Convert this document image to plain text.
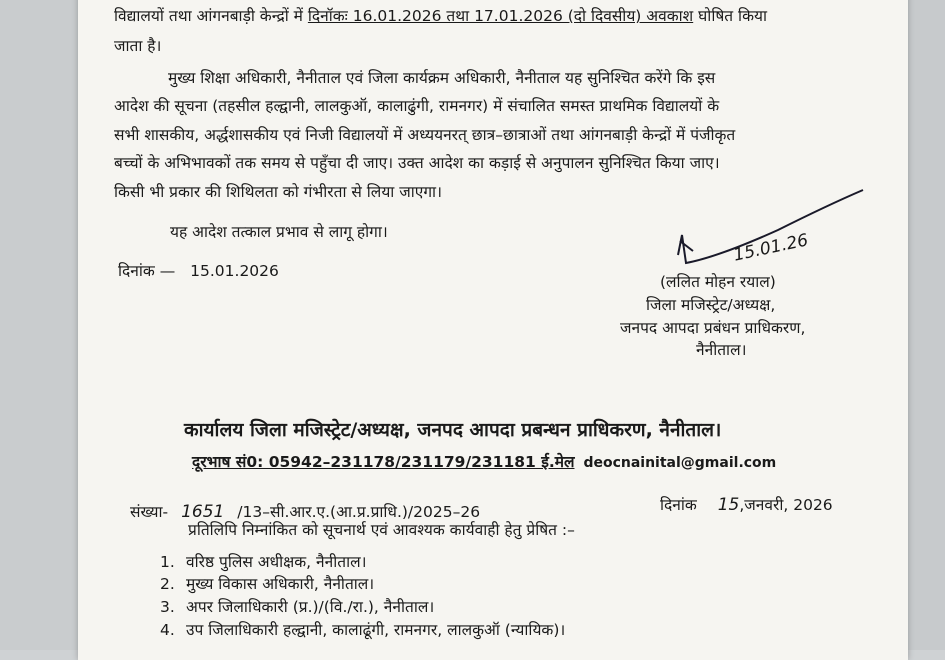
विद्यालयों तथा आंगनबाड़ी केन्द्रों में दिनॉकः 16.01.2026 तथा 17.01.2026 (दो दिवसीय) अवकाश घोषित किया
जाता है।
मुख्य शिक्षा अधिकारी, नैनीताल एवं जिला कार्यक्रम अधिकारी, नैनीताल यह सुनिश्चित करेंगे कि इस
आदेश की सूचना (तहसील हल्द्वानी, लालकुऑ, कालाढुंगी, रामनगर) में संचालित समस्त प्राथमिक विद्यालयों के
सभी शासकीय, अर्द्धशासकीय एवं निजी विद्यालयों में अध्ययनरत् छात्र–छात्राओं तथा आंगनबाड़ी केन्द्रों में पंजीकृत
बच्चों के अभिभावकों तक समय से पहुँचा दी जाए। उक्त आदेश का कड़ाई से अनुपालन सुनिश्चित किया जाए।
किसी भी प्रकार की शिथिलता को गंभीरता से लिया जाएगा।
यह आदेश तत्काल प्रभाव से लागू होगा।
दिनांक — 15.01.2026
15.01.26
(ललित मोहन रयाल)
जिला मजिस्ट्रेट/अध्यक्ष,
जनपद आपदा प्रबंधन प्राधिकरण,
नैनीताल।
कार्यालय जिला मजिस्ट्रेट/अध्यक्ष, जनपद आपदा प्रबन्धन प्राधिकरण, नैनीताल।
दूरभाष सं0: 05942–231178/231179/231181 ई.मेल deocnainital@gmail.com
संख्या- 1651 /13–सी.आर.ए.(आ.प्र.प्राधि.)/2025–26	दिनांक 15,जनवरी, 2026
प्रतिलिपि निम्नांकित को सूचनार्थ एवं आवश्यक कार्यवाही हेतु प्रेषित :–
1. वरिष्ठ पुलिस अधीक्षक, नैनीताल।
2. मुख्य विकास अधिकारी, नैनीताल।
3. अपर जिलाधिकारी (प्र.)/(वि./रा.), नैनीताल।
4. उप जिलाधिकारी हल्द्वानी, कालाढूंगी, रामनगर, लालकुऑ (न्यायिक)।
